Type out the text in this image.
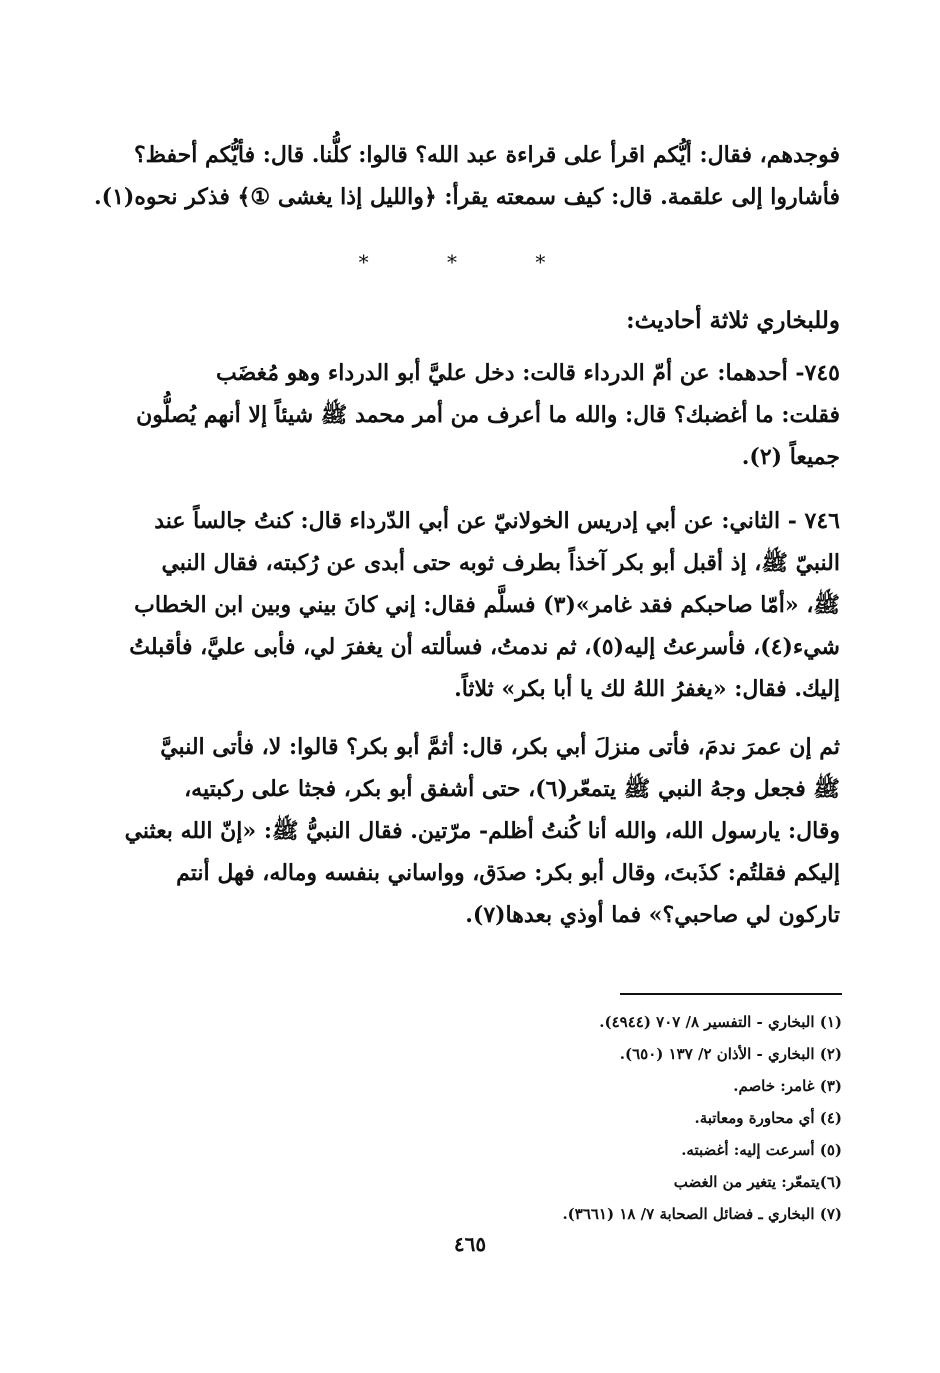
فوجدهم، فقال: أيُّكم اقرأ على قراءة عبد الله؟ قالوا: كلُّنا. قال: فأيُّكم أحفظ؟
فأشاروا إلى علقمة. قال: كيف سمعته يقرأ: ﴿والليل إذا يغشى ①﴾ فذكر نحوه(١).
* * *
وللبخاري ثلاثة أحاديث:
٧٤٥- أحدهما: عن أمّ الدرداء قالت: دخل عليَّ أبو الدرداء وهو مُغضَب
فقلت: ما أغضبك؟ قال: والله ما أعرف من أمر محمد ﷺ شيئاً إلا أنهم يُصلُّون
جميعاً (٢).
٧٤٦ - الثاني: عن أبي إدريس الخولانيّ عن أبي الدّرداء قال: كنتُ جالساً عند
النبيّ ﷺ، إذ أقبل أبو بكر آخذاً بطرف ثوبه حتى أبدى عن رُكبته، فقال النبي
ﷺ، «أمّا صاحبكم فقد غامر»(٣) فسلَّم فقال: إني كانَ بيني وبين ابن الخطاب
شيء(٤)، فأسرعتُ إليه(٥)، ثم ندمتُ، فسألته أن يغفرَ لي، فأبى عليَّ، فأقبلتُ
إليك. فقال: «يغفرُ اللهُ لك يا أبا بكر» ثلاثاً.
ثم إن عمرَ ندمَ، فأتى منزلَ أبي بكر، قال: أثمَّ أبو بكر؟ قالوا: لا، فأتى النبيَّ
ﷺ فجعل وجهُ النبي ﷺ يتمعّر(٦)، حتى أشفق أبو بكر، فجثا على ركبتيه،
وقال: يارسول الله، والله أنا كُنتُ أظلم- مرّتين. فقال النبيُّ ﷺ: «إنّ الله بعثني
إليكم فقلتُم: كذَبتَ، وقال أبو بكر: صدَق، وواساني بنفسه وماله، فهل أنتم
تاركون لي صاحبي؟» فما أوذي بعدها(٧).
(١) البخاري - التفسير ٨/ ٧٠٧ (٤٩٤٤).
(٢) البخاري - الأذان ٢/ ١٣٧ (٦٥٠).
(٣) غامر: خاصم.
(٤) أي محاورة ومعاتبة.
(٥) أسرعت إليه: أغضبته.
(٦)يتمعّر: يتغير من الغضب
(٧) البخاري ـ فضائل الصحابة ٧/ ١٨ (٣٦٦١).
٤٦٥
